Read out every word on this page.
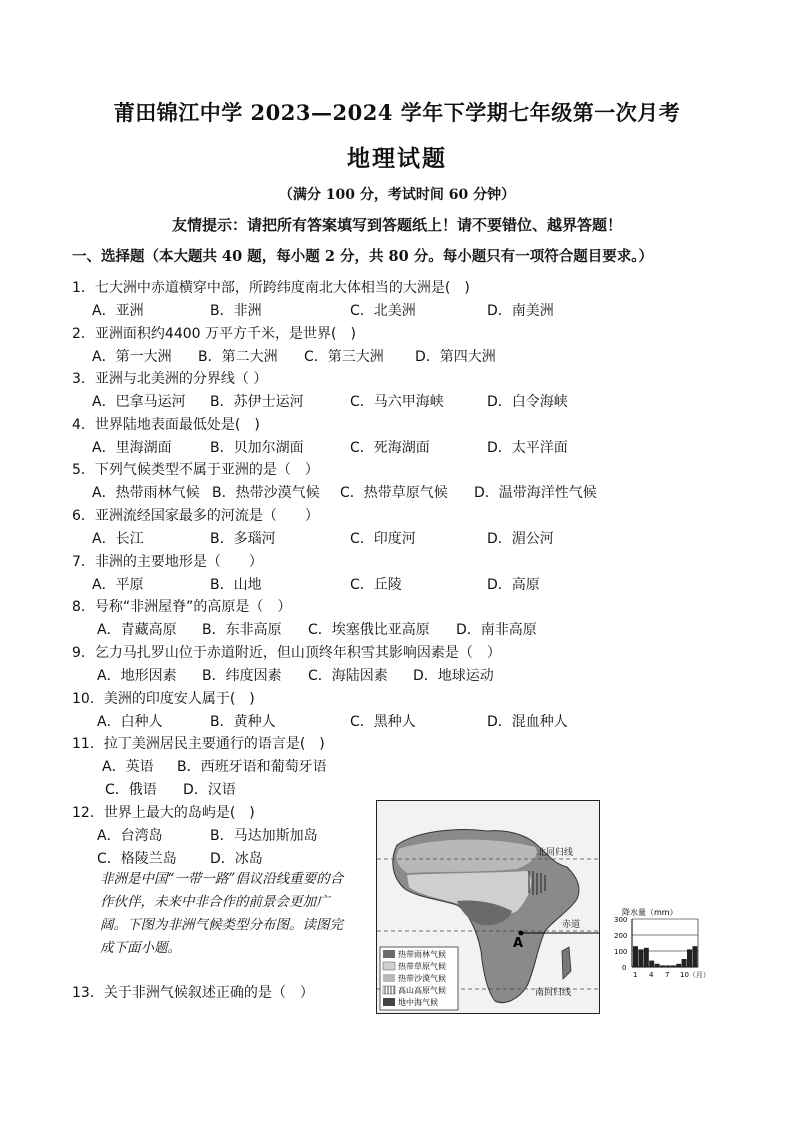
莆田锦江中学 2023—2024 学年下学期七年级第一次月考
地理试题
（满分 100 分，考试时间 60 分钟）
友情提示：请把所有答案填写到答题纸上！请不要错位、越界答题！
一、选择题（本大题共 40 题，每小题 2 分，共 80 分。每小题只有一项符合题目要求。）
1．七大洲中赤道横穿中部，所跨纬度南北大体相当的大洲是(　)
A．亚洲	B．非洲	C．北美洲	D．南美洲
2．亚洲面积约4400 万平方千米，是世界(　)
A．第一大洲 B．第二大洲 C．第三大洲 D．第四大洲
3．亚洲与北美洲的分界线（ ）
A．巴拿马运河 B．苏伊士运河	C．马六甲海峡	D．白令海峡
4．世界陆地表面最低处是(　)
A．里海湖面	B．贝加尔湖面	C．死海湖面	D．太平洋面
5．下列气候类型不属于亚洲的是（　）
A．热带雨林气候 B．热带沙漠气候 C．热带草原气候 D．温带海洋性气候
6．亚洲流经国家最多的河流是（　　）
A．长江	B．多瑙河	C．印度河	D．湄公河
7．非洲的主要地形是（　　）
A．平原	B．山地	C．丘陵	D．高原
8．号称“非洲屋脊”的高原是（　）
A．青藏高原 B．东非高原 C．埃塞俄比亚高原 D．南非高原
9．乞力马扎罗山位于赤道附近，但山顶终年积雪其影响因素是（　）
A．地形因素 B．纬度因素 C．海陆因素 D．地球运动
10．美洲的印度安人属于(　)
A．白种人	B．黄种人	C．黑种人	D．混血种人
11．拉丁美洲居民主要通行的语言是(　)
A．英语 B．西班牙语和葡萄牙语
C．俄语 D．汉语
12．世界上最大的岛屿是(　)
A．台湾岛	B．马达加斯加岛
C．格陵兰岛 D．冰岛
非洲是中国“一带一路”倡议沿线重要的合作伙伴，未来中非合作的前景会更加广阔。下图为非洲气候类型分布图。读图完成下面小题。
13．关于非洲气候叙述正确的是（　）
北回归线
赤道
南回归线
A
热带雨林气候
热带草原气候
热带沙漠气候
高山高原气候
地中海气候
降水量（mm）
300
200
100
0
1 4 7 10（月）
